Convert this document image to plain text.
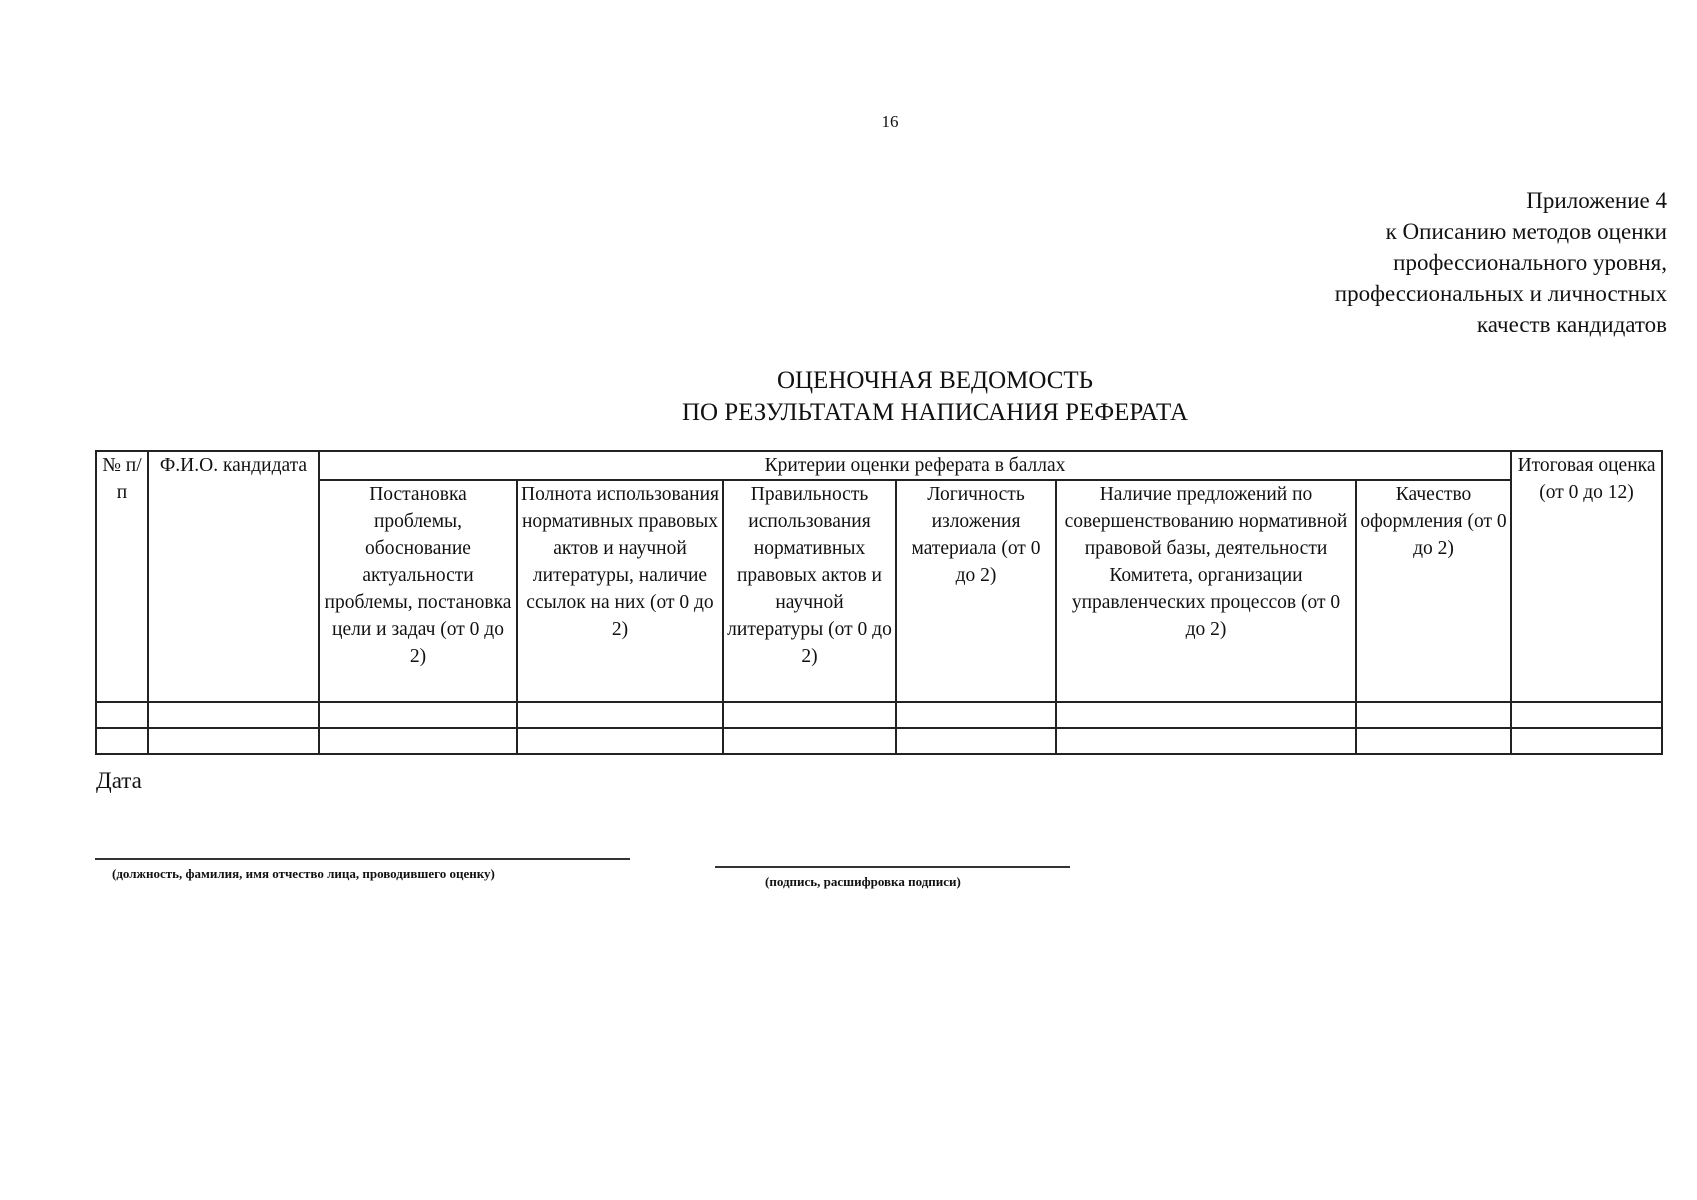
16
Приложение 4
к Описанию методов оценки
профессионального уровня,
профессиональных и личностных
качеств кандидатов
ОЦЕНОЧНАЯ ВЕДОМОСТЬ
ПО РЕЗУЛЬТАТАМ НАПИСАНИЯ РЕФЕРАТА
№ п/п	Ф.И.О. кандидата	Критерии оценки реферата в баллах						Итоговая оценка (от 0 до 12)
		Постановка проблемы, обоснование актуальности проблемы, постановка цели и задач (от 0 до 2)	Полнота использования нормативных правовых актов и научной литературы, наличие ссылок на них (от 0 до 2)	Правильность использования нормативных правовых актов и научной литературы (от 0 до 2)	Логичность изложения материала (от 0 до 2)	Наличие предложений по совершенствованию нормативной правовой базы, деятельности Комитета, организации управленческих процессов (от 0 до 2)	Качество оформления (от 0 до 2)	

Дата
(должность, фамилия, имя отчество лица, проводившего оценку)
(подпись, расшифровка подписи)
